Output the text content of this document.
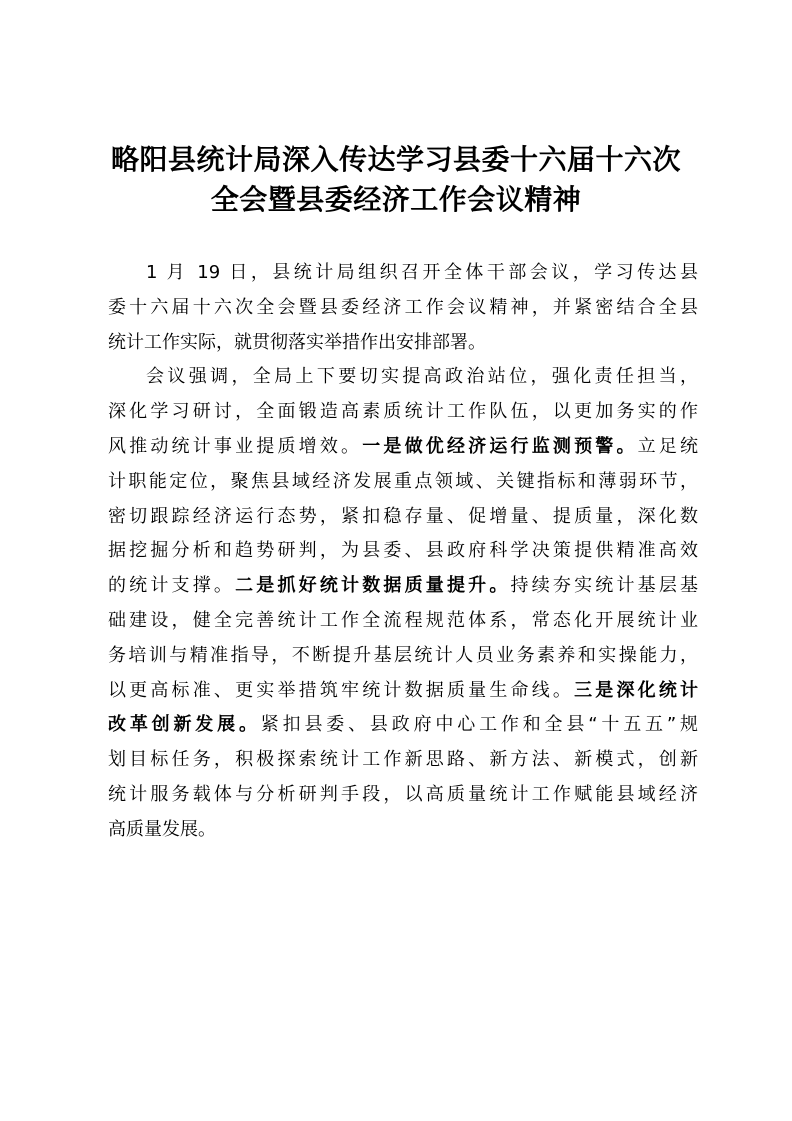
略阳县统计局深入传达学习县委十六届十六次
全会暨县委经济工作会议精神
1 月 19 日，县统计局组织召开全体干部会议，学习传达县
委十六届十六次全会暨县委经济工作会议精神，并紧密结合全县
统计工作实际，就贯彻落实举措作出安排部署。
会议强调，全局上下要切实提高政治站位，强化责任担当，
深化学习研讨，全面锻造高素质统计工作队伍，以更加务实的作
风推动统计事业提质增效。一是做优经济运行监测预警。立足统
计职能定位，聚焦县域经济发展重点领域、关键指标和薄弱环节，
密切跟踪经济运行态势，紧扣稳存量、促增量、提质量，深化数
据挖掘分析和趋势研判，为县委、县政府科学决策提供精准高效
的统计支撑。二是抓好统计数据质量提升。持续夯实统计基层基
础建设，健全完善统计工作全流程规范体系，常态化开展统计业
务培训与精准指导，不断提升基层统计人员业务素养和实操能力，
以更高标准、更实举措筑牢统计数据质量生命线。三是深化统计
改革创新发展。紧扣县委、县政府中心工作和全县“十五五”规
划目标任务，积极探索统计工作新思路、新方法、新模式，创新
统计服务载体与分析研判手段，以高质量统计工作赋能县域经济
高质量发展。
